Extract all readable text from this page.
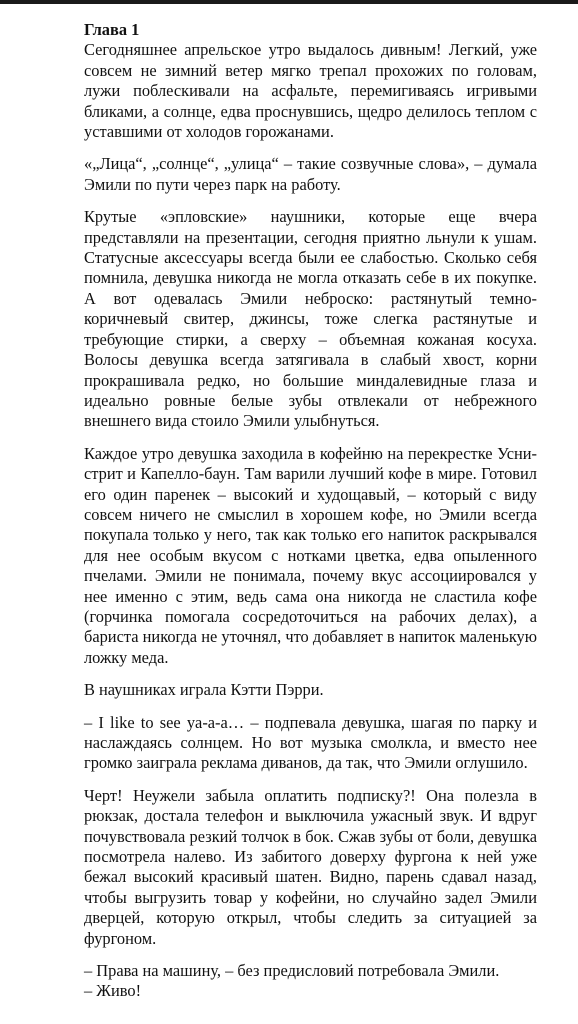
Глава 1

Сегодняшнее апрельское утро выдалось дивным! Легкий, уже совсем не зимний ветер мягко трепал прохожих по головам, лужи поблескивали на асфальте, перемигиваясь игривыми бликами, а солнце, едва проснувшись, щедро делилось теплом с уставшими от холодов горожанами.

«„Лица“, „солнце“, „улица“ – такие созвучные слова», – думала Эмили по пути через парк на работу.

Крутые «эпловские» наушники, которые еще вчера представляли на презентации, сегодня приятно льнули к ушам. Статусные аксессуары всегда были ее слабостью. Сколько себя помнила, девушка никогда не могла отказать себе в их покупке. А вот одевалась Эмили неброско: растянутый темно-коричневый свитер, джинсы, тоже слегка растянутые и требующие стирки, а сверху – объемная кожаная косуха. Волосы девушка всегда затягивала в слабый хвост, корни прокрашивала редко, но большие миндалевидные глаза и идеально ровные белые зубы отвлекали от небрежного внешнего вида стоило Эмили улыбнуться.

Каждое утро девушка заходила в кофейню на перекрестке Усни-стрит и Капелло-баун. Там варили лучший кофе в мире. Готовил его один паренек – высокий и худощавый, – который с виду совсем ничего не смыслил в хорошем кофе, но Эмили всегда покупала только у него, так как только его напиток раскрывался для нее особым вкусом с нотками цветка, едва опыленного пчелами. Эмили не понимала, почему вкус ассоциировался у нее именно с этим, ведь сама она никогда не сластила кофе (горчинка помогала сосредоточиться на рабочих делах), а бариста никогда не уточнял, что добавляет в напиток маленькую ложку меда.

В наушниках играла Кэтти Пэрри.

– I like to see ya-a-a… – подпевала девушка, шагая по парку и наслаждаясь солнцем. Но вот музыка смолкла, и вместо нее громко заиграла реклама диванов, да так, что Эмили оглушило.

Черт! Неужели забыла оплатить подписку?! Она полезла в рюкзак, достала телефон и выключила ужасный звук. И вдруг почувствовала резкий толчок в бок. Сжав зубы от боли, девушка посмотрела налево. Из забитого доверху фургона к ней уже бежал высокий красивый шатен. Видно, парень сдавал назад, чтобы выгрузить товар у кофейни, но случайно задел Эмили дверцей, которую открыл, чтобы следить за ситуацией за фургоном.

– Права на машину, – без предисловий потребовала Эмили.

– Живо!
